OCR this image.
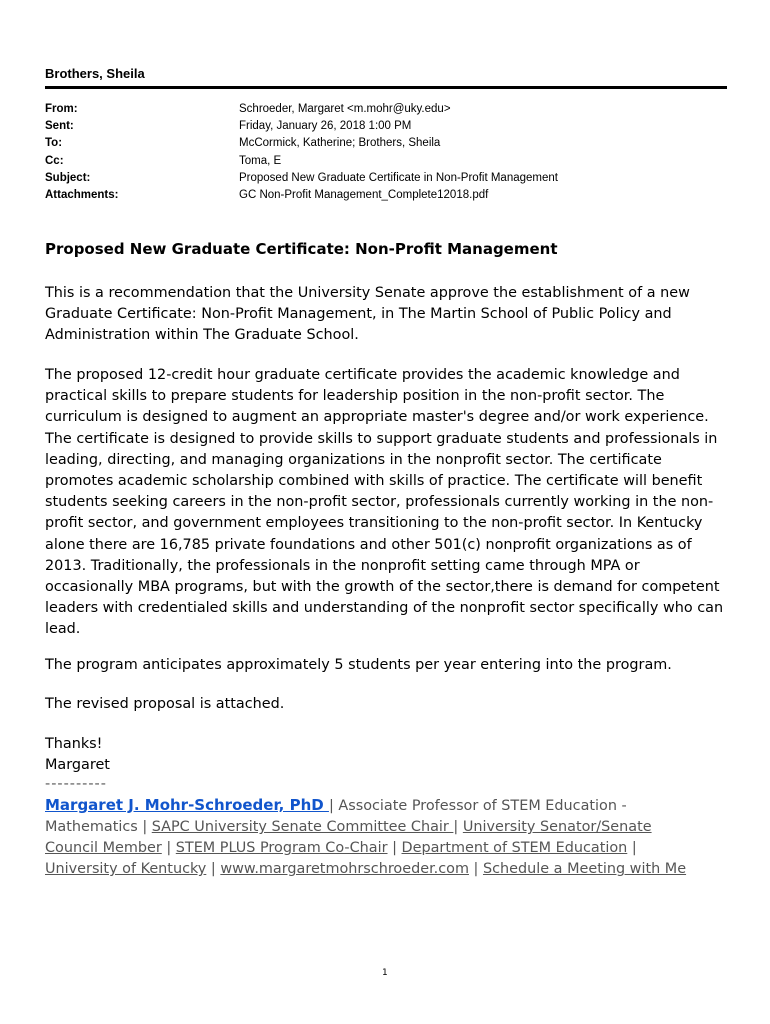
Brothers, Sheila
From:	Schroeder, Margaret <m.mohr@uky.edu>
Sent:	Friday, January 26, 2018 1:00 PM
To:	McCormick, Katherine; Brothers, Sheila
Cc:	Toma, E
Subject:	Proposed New Graduate Certificate in Non-Profit Management
Attachments:	GC Non-Profit Management_Complete12018.pdf
Proposed New Graduate Certificate: Non-Profit Management
This is a recommendation that the University Senate approve the establishment of a new Graduate Certificate: Non-Profit Management, in The Martin School of Public Policy and Administration within The Graduate School.
The proposed 12-credit hour graduate certificate provides the academic knowledge and practical skills to prepare students for leadership position in the non-profit sector. The curriculum is designed to augment an appropriate master's degree and/or work experience. The certificate is designed to provide skills to support graduate students and professionals in leading, directing, and managing organizations in the nonprofit sector. The certificate promotes academic scholarship combined with skills of practice. The certificate will benefit students seeking careers in the non-profit sector, professionals currently working in the non-profit sector, and government employees transitioning to the non-profit sector. In Kentucky alone there are 16,785 private foundations and other 501(c) nonprofit organizations as of 2013. Traditionally, the professionals in the nonprofit setting came through MPA or occasionally MBA programs, but with the growth of the sector,there is demand for competent leaders with credentialed skills and understanding of the nonprofit sector specifically who can lead.
The program anticipates approximately 5 students per year entering into the program.
The revised proposal is attached.
Thanks!
Margaret
----------
Margaret J. Mohr-Schroeder, PhD | Associate Professor of STEM Education - Mathematics | SAPC University Senate Committee Chair | University Senator/Senate Council Member | STEM PLUS Program Co-Chair | Department of STEM Education | University of Kentucky | www.margaretmohrschroeder.com | Schedule a Meeting with Me
1
